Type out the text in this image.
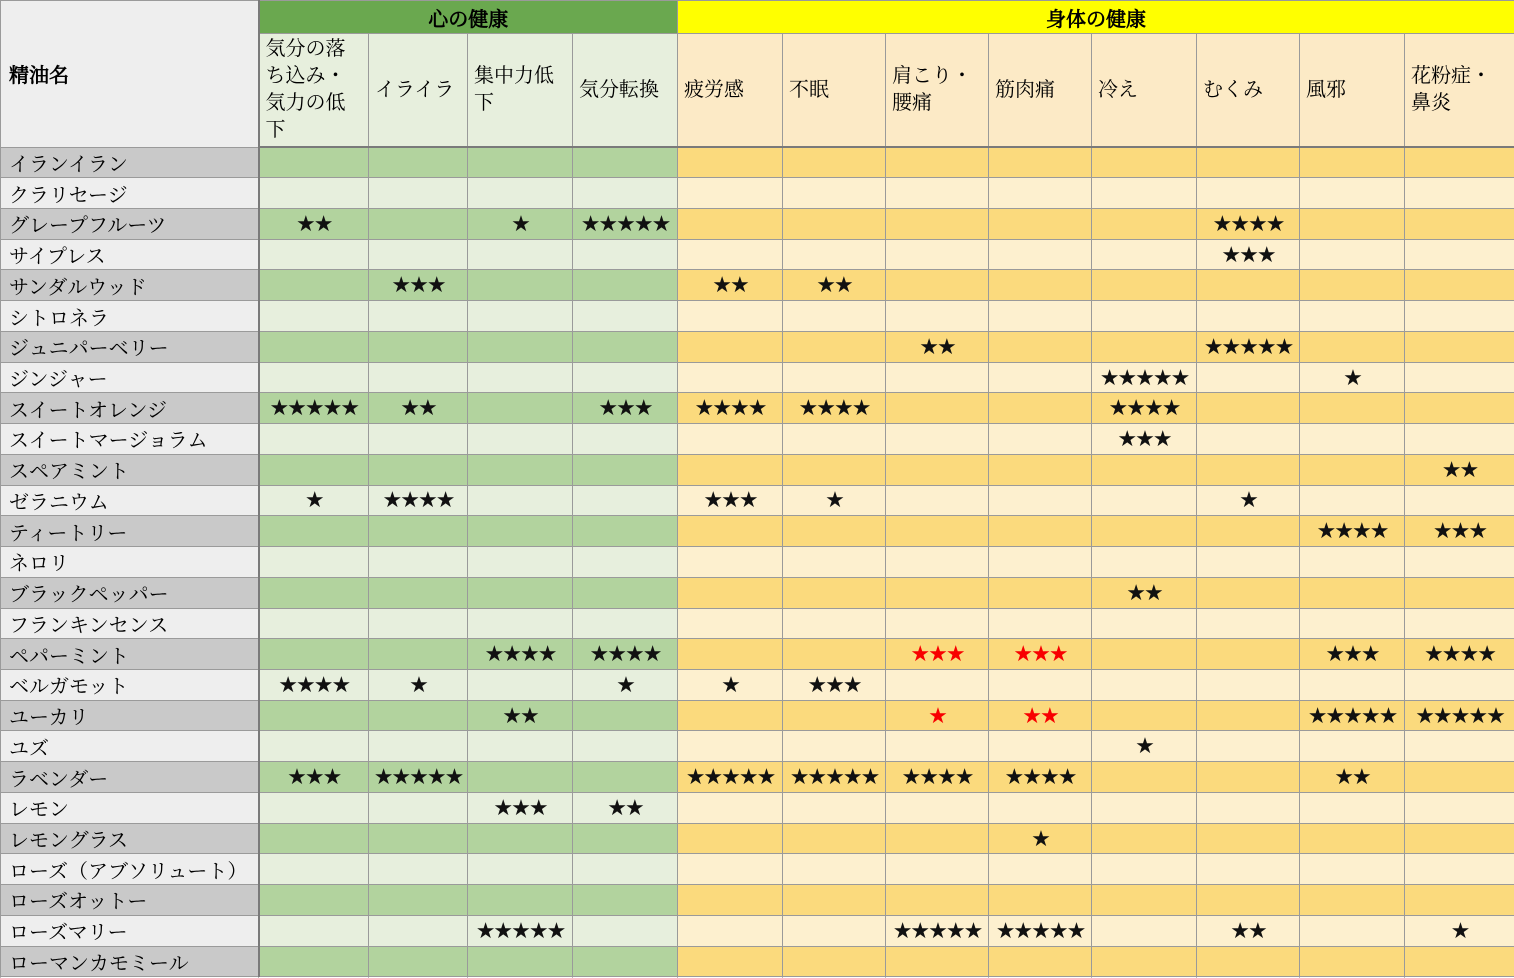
精油名	心の健康				身体の健康							
	気分の落ち込み・気力の低下	イライラ	集中力低下	気分転換	疲労感	不眠	肩こり・腰痛	筋肉痛	冷え	むくみ	風邪	花粉症・鼻炎
イランイラン												
クラリセージ												
グレープフルーツ	★★		★	★★★★★						★★★★		
サイプレス										★★★		
サンダルウッド		★★★			★★	★★						
シトロネラ												
ジュニパーベリー							★★			★★★★★		
ジンジャー									★★★★★		★	
スイートオレンジ	★★★★★	★★		★★★	★★★★	★★★★			★★★★			
スイートマージョラム									★★★			
スペアミント												★★
ゼラニウム	★	★★★★			★★★	★				★		
ティートリー											★★★★	★★★
ネロリ												
ブラックペッパー									★★			
フランキンセンス												
ペパーミント			★★★★	★★★★			★★★	★★★			★★★	★★★★
ベルガモット	★★★★	★		★	★	★★★						
ユーカリ			★★				★	★★			★★★★★	★★★★★
ユズ									★			
ラベンダー	★★★	★★★★★			★★★★★	★★★★★	★★★★	★★★★			★★	
レモン			★★★	★★								
レモングラス								★				
ローズ（アブソリュート）												
ローズオットー												
ローズマリー			★★★★★				★★★★★	★★★★★		★★		★
ローマンカモミール												
